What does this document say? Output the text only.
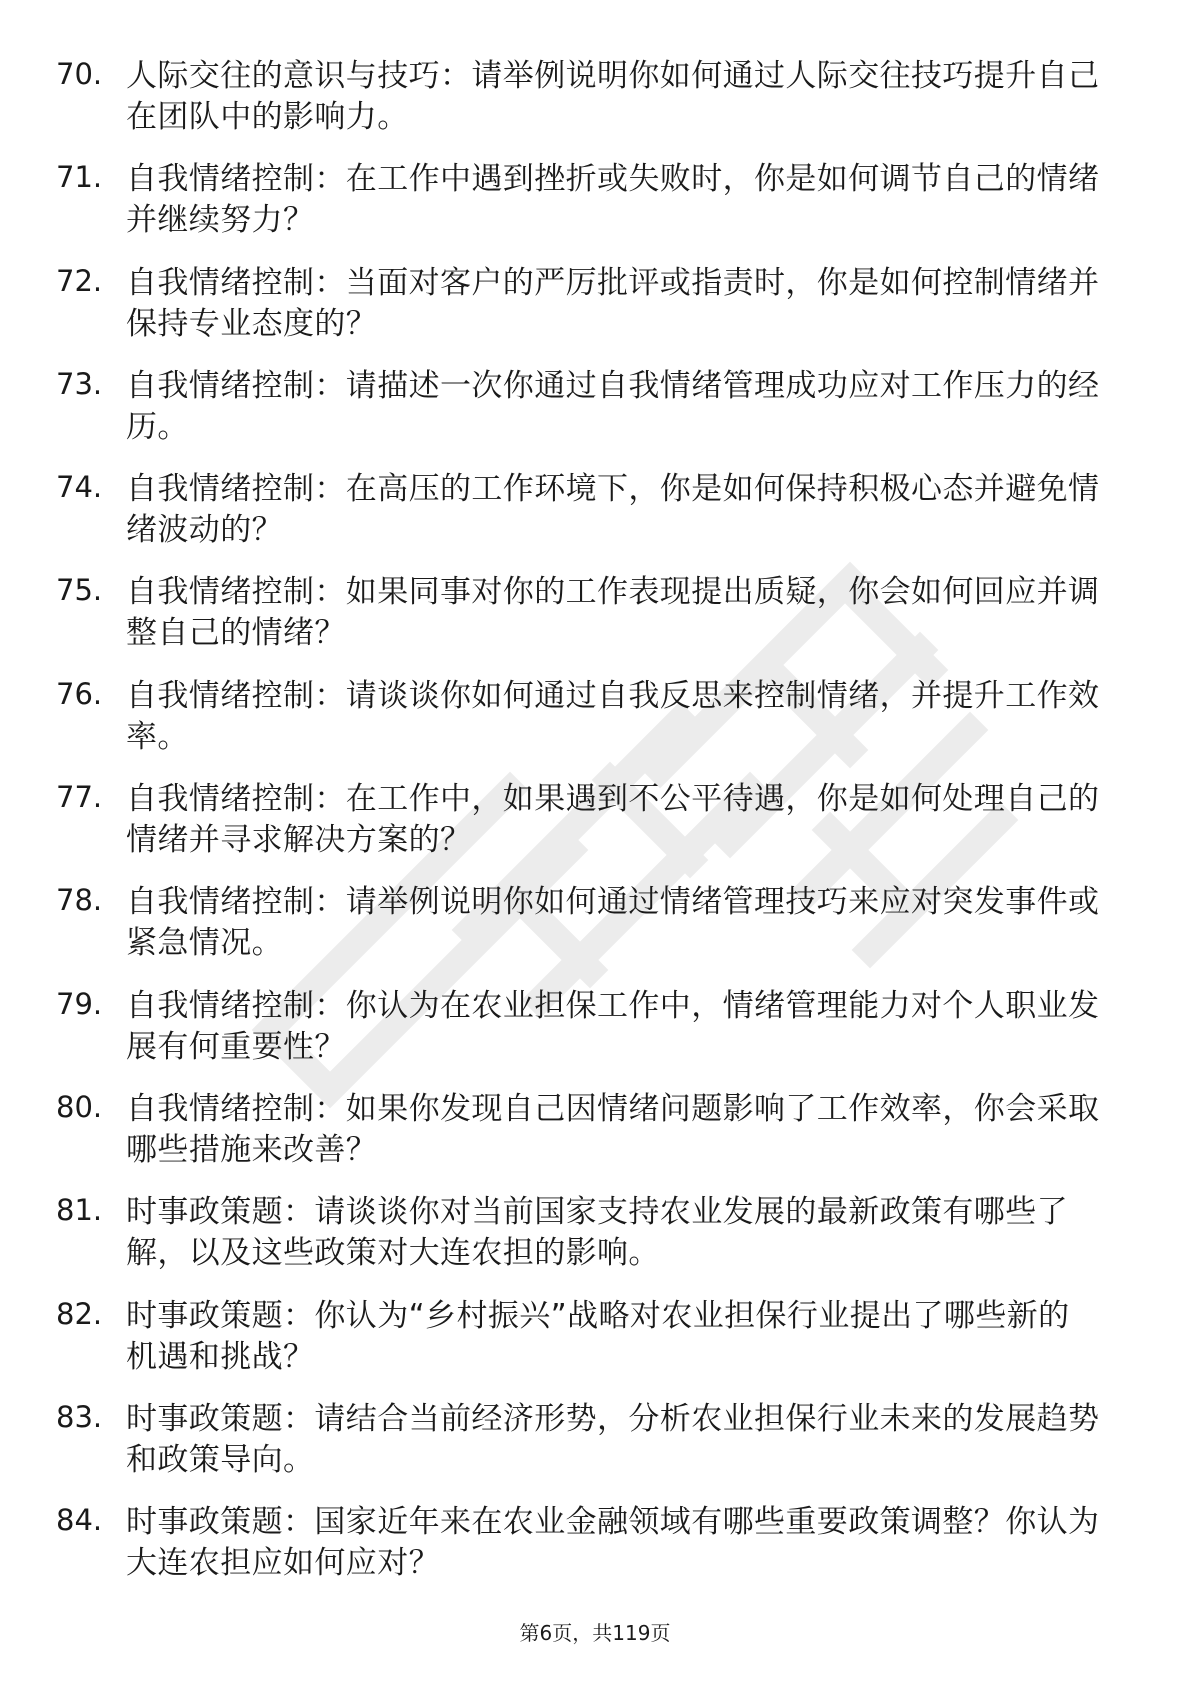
70. 人际交往的意识与技巧：请举例说明你如何通过人际交往技巧提升自己在团队中的影响力。
71. 自我情绪控制：在工作中遇到挫折或失败时，你是如何调节自己的情绪并继续努力？
72. 自我情绪控制：当面对客户的严厉批评或指责时，你是如何控制情绪并保持专业态度的？
73. 自我情绪控制：请描述一次你通过自我情绪管理成功应对工作压力的经历。
74. 自我情绪控制：在高压的工作环境下，你是如何保持积极心态并避免情绪波动的？
75. 自我情绪控制：如果同事对你的工作表现提出质疑，你会如何回应并调整自己的情绪？
76. 自我情绪控制：请谈谈你如何通过自我反思来控制情绪，并提升工作效率。
77. 自我情绪控制：在工作中，如果遇到不公平待遇，你是如何处理自己的情绪并寻求解决方案的？
78. 自我情绪控制：请举例说明你如何通过情绪管理技巧来应对突发事件或紧急情况。
79. 自我情绪控制：你认为在农业担保工作中，情绪管理能力对个人职业发展有何重要性？
80. 自我情绪控制：如果你发现自己因情绪问题影响了工作效率，你会采取哪些措施来改善？
81. 时事政策题：请谈谈你对当前国家支持农业发展的最新政策有哪些了解，以及这些政策对大连农担的影响。
82. 时事政策题：你认为“乡村振兴”战略对农业担保行业提出了哪些新的机遇和挑战？
83. 时事政策题：请结合当前经济形势，分析农业担保行业未来的发展趋势和政策导向。
84. 时事政策题：国家近年来在农业金融领域有哪些重要政策调整？你认为大连农担应如何应对？
第6页，共119页
